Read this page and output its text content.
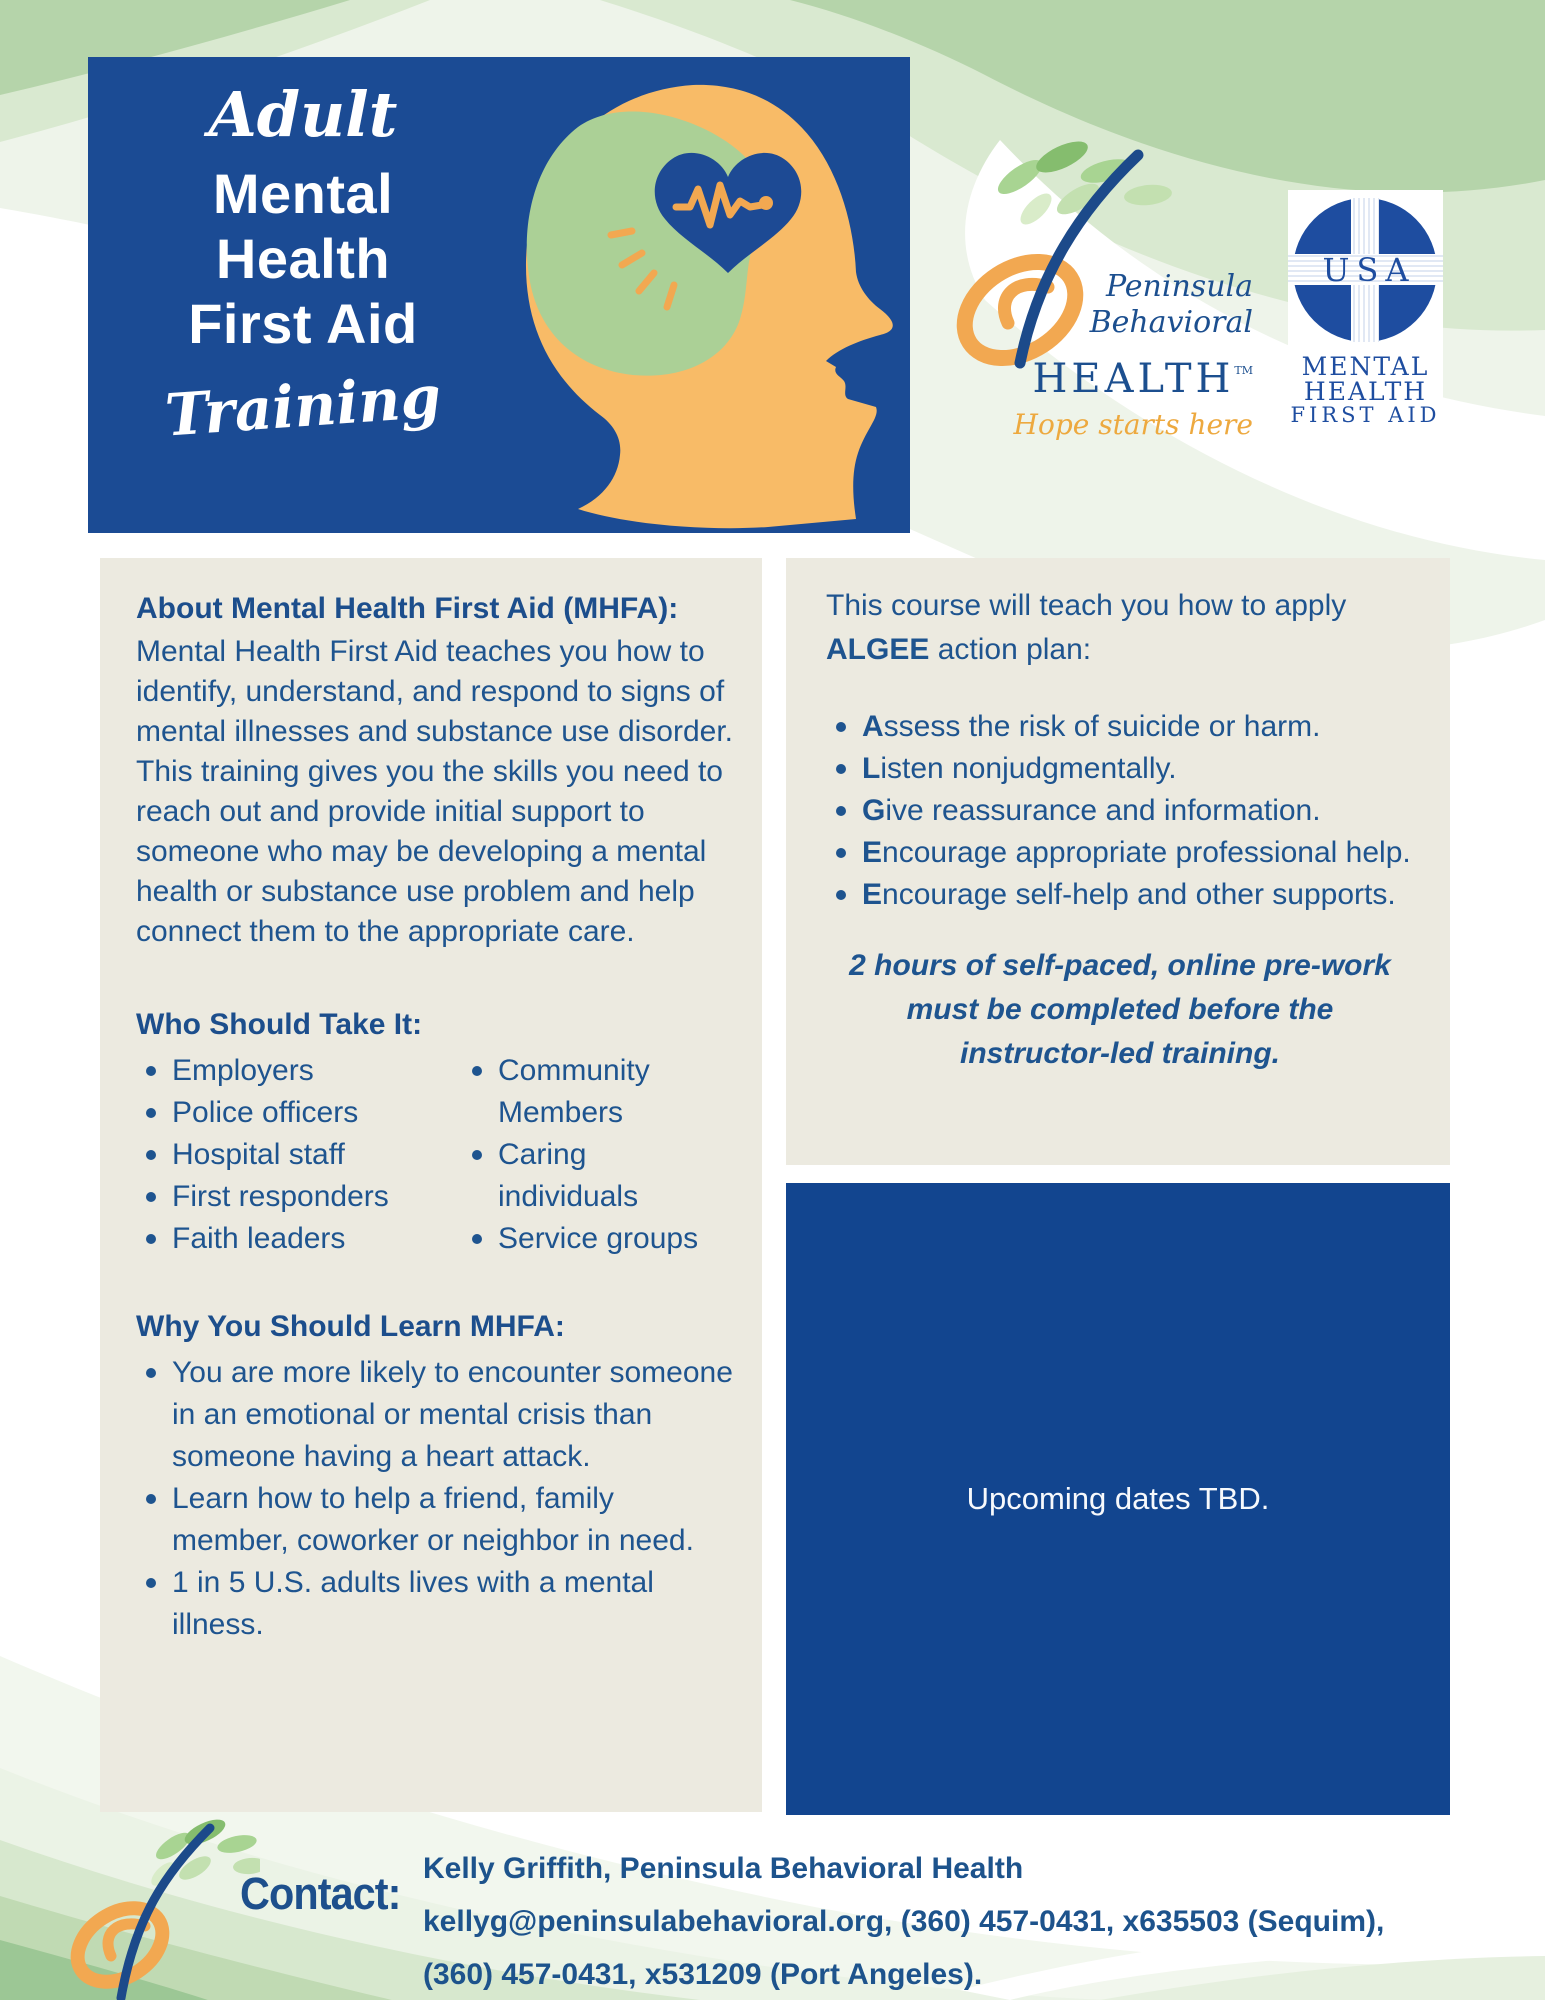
Adult
Mental
Health
First Aid
Training
Peninsula
Behavioral
HEALTH™
Hope starts here
USA
MENTAL
HEALTH
FIRST AID

About Mental Health First Aid (MHFA):

Mental Health First Aid teaches you how to identify, understand, and respond to signs of mental illnesses and substance use disorder. This training gives you the skills you need to reach out and provide initial support to someone who may be developing a mental health or substance use problem and help connect them to the appropriate care.

Who Should Take It:

Employers
Police officers
Hospital staff
First responders
Faith leaders
Community Members
Caring individuals
Service groups

Why You Should Learn MHFA:

You are more likely to encounter someone in an emotional or mental crisis than someone having a heart attack.
Learn how to help a friend, family member, coworker or neighbor in need.
1 in 5 U.S. adults lives with a mental illness.
This course will teach you how to apply ALGEE action plan:
Assess the risk of suicide or harm.
Listen nonjudgmentally.
Give reassurance and information.
Encourage appropriate professional help.
Encourage self-help and other supports.
2 hours of self-paced, online pre-work must be completed before the instructor-led training.
Upcoming dates TBD.
Contact: Kelly Griffith, Peninsula Behavioral Health
kellyg@peninsulabehavioral.org, (360) 457-0431, x635503 (Sequim),
(360) 457-0431, x531209 (Port Angeles).
